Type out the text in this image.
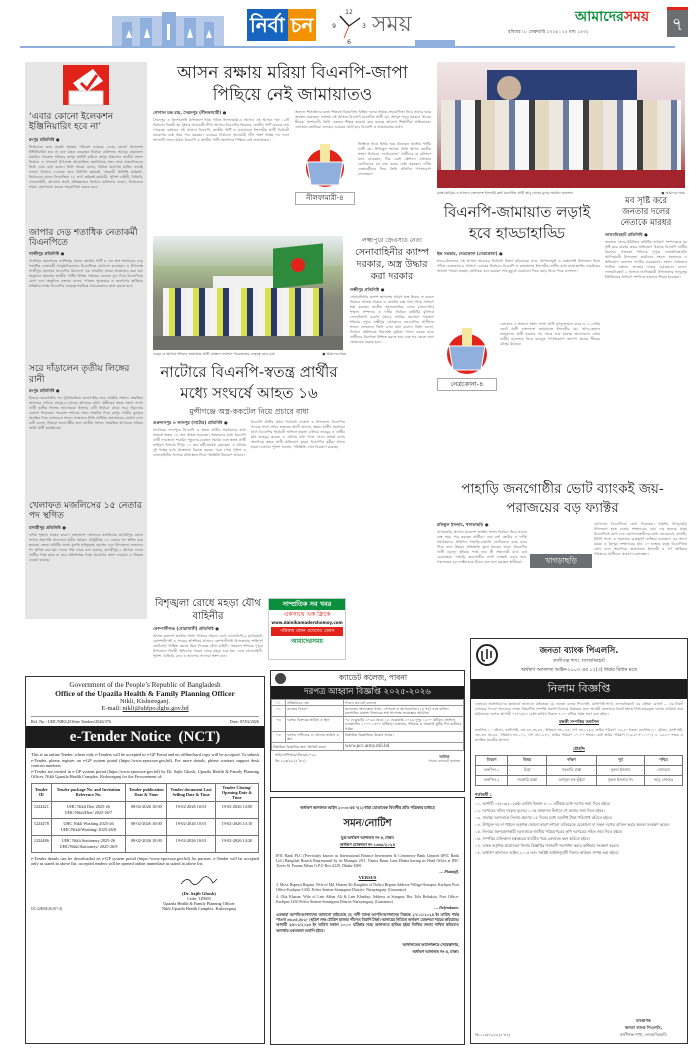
নির্বা চন
12
3
6
9 সময়	আমাদেরসময়
রবিবার ৷ ৮ ফেব্রুয়ারি ২০২৬ ৷ ২৫ মাঘ ১৪৩২	৭
‘এবার কোনো ইলেকশন ইঞ্জিনিয়ারিং হবে না’
রংপুর প্রতিনিধি ●
নির্বাচনের জন্য যতেষ্ট সহায়ক পরিবেশ রয়েছে। এবার কোনো ইলেকশন ইঞ্জিনিয়ারিং হবে না বলে মন্তব্য করেছেন নির্বাচন কমিশনার আবদুর রহমানেল মাছউদ। গতকাল শনিবার রংপুর সার্কিট হাউসে রংপুর বিভাগের জাতীয় সংসদ নির্বাচন ও গণভোট উপলক্ষে আয়োজিত মতবিনিময় সভা শেষে সাংবাদিকদের তিনি এসব কথা বলেন। তিনি আরো বলেন, বিভিন্ন জায়গায় যাচ্ছি। ভাবছি ভালো নির্বাচন দেওয়ার জন্য রিটার্নিং কর্মকর্তা, সহকারী রিটার্নিং কর্মকর্তা, নির্বাচনের কাজে নিয়োজিত ১৮ লাখ কর্মকর্তা-কর্মচারী, পুলিশ বাহিনী, বিজিবি, সেনাবাহিনী, আনসার সবাই প্রতিজ্ঞাবদ্ধ। নির্বাচন কমিশনার বলেন, নির্বাচনকে সহজ, গ্রহণযোগ্য করতে সহযোগিতা করতে হবে।
জাপার দেড় শতাধিক নেতাকর্মী বিএনপিতে
গাজীপুর প্রতিনিধি ●
গাজীপুর মহানগরের কাশিমপুর থানার জাতীয় পার্টি ও এর অঙ্গ সংগঠনের দেড় শতাধিক নেতাকর্মী আনুষ্ঠানিকভাবে বিএনপিতে যোগদান করেছেন। এ উপলক্ষে গাজীপুর মহানগর বিএনপির উদ্যোগে এক সংবর্ধনা সভার আয়োজন করা হয়। অনুষ্ঠানে মহানগর জাতীয় পার্টির বিভিন্ন পর্যায়ের নেতারা ফুল দিয়ে বিএনপিতে যোগ দেন। অনুষ্ঠানে বক্তারা বলেন, গণতন্ত্র পুনরুদ্ধার ও জনগণের অধিকার প্রতিষ্ঠার লক্ষ্যে বিএনপির নেতৃত্বে সবাইকে ঐক্যবদ্ধভাবে কাজ করতে হবে।
সরে দাঁড়ালেন তৃতীয় লিঙ্গের রানী
রংপুর প্রতিনিধি ●
হিজড়া জনগোষ্ঠীর সব সুবিধাবঞ্চিত জনগোষ্ঠীর জন্য জাতীয় সংসদে সংরক্ষিত আসনের দাবিতে রংপুর-৩ (সদর) আসনের হরিণ প্রতীকের স্বতন্ত্র সংসদ সদস্য প্রার্থী তৃতীয় লিঙ্গের আনোয়ারা ইসলাম রানী নির্বাচন থেকে সরে দাঁড়ানোর ঘোষণা দিয়েছেন। গতকাল শনিবার সন্ধ্যা সাতটার দিকে রংপুর নগরীর নুরপুরে অবস্থিত নিজ বাসভবনে সংবাদ সম্মেলনে তিনি প্রার্থিতা প্রত্যাহারের ঘোষণা দেন। রানী বলেন, হিজড়া জনগোষ্ঠীর জন্য জাতীয় সংসদে সংরক্ষিত আসনের দাবিতে আমি প্রার্থী হয়েছিলাম।
খেলাফত মজলিসের ১৫ নেতার পদ স্থগিত
মাদারীপুর প্রতিনিধি ●
দলীয় শৃঙ্খলা ভঙ্গের কারণে বাংলাদেশ খেলাফত মজলিসের মাদারীপুর জেলা শাখার সভাপতি মাওলানা হাবীব আহমদ চৌধুরীসহ ১৫ নেতার পদ স্থগিত করা হয়েছে। জেলা কমিটির সদস্য মুফতি সাইফুল্লাহ হোসেন এবং উপজেলা নেতাদের পদ স্থগিত করা হয়। দলের পক্ষ থেকে বলা হয়েছে, মাদারীপুর-১ আসনে দলের প্রার্থীর পক্ষে কাজ না করে প্রতিপক্ষের পক্ষে প্রচারণায় অংশ নেওয়ায় এ সিদ্ধান্ত নেওয়া হয়েছে।
আসন রক্ষায় মরিয়া বিএনপি-জাপা পিছিয়ে নেই জামায়াতও
গোপাল চন্দ্র রায়, সৈয়দপুর (নীলফামারী) ●
সৈয়দপুর ও কিশোরগঞ্জ উপজেলা নিয়ে গঠিত নীলফামারী-৪ আসন। এই আসনে গত ১২টি নির্বাচনে বিজয়ী হয় দুইবার আওয়ামী লীগ। আসনে বিএনপির তিনবার, জাতীয় পার্টি চারবার জয় পেয়েছে। বর্তমানে এই আসনে বিএনপি, জাতীয় পার্টি ও জামায়াতে ইসলামীর প্রার্থী নির্বাচনী প্রচারণায় ব্যস্ত সময় পার করছেন। এবারের নির্বাচনে আওয়ামী লীগ অংশ নিচ্ছে না। ফলে আসনটি দখলে মরিয়া বিএনপি ও জাতীয় পার্টি। অন্যদিকে পিছিয়ে নেই জামায়াতও।
অন্যান্য শীতার্তদের মতো শীতবস্ত্র বিতরণসহ বিভিন্ন দলের সাহায্য-সহযোগিতা নিয়ে তাদের দ্বারে অবস্থান রয়েছেন। সর্বশেষ এই আসনে বিএনপি মনোনীত প্রার্থী মো. আব্দুল গফুর সরকার ‘ধানের শীষের’ আশাবাদী। তিনি একজন শিক্ষক হওয়ায় তার রয়েছে আলাদা শিক্ষার্থীরা অভিভাবক। এলাকার ভোটাররা বলছেন এবারের ভোট হবে বিএনপি ও জামায়াতের মধ্যে।
নীলফামারী-৪
ভিত্তিতে নিয়ে দ্বিধায় হয়ে উঠেছেন জাতীয় পার্টির প্রার্থী মো. সিদ্দিকুল আলম। তিনি আসন জাতীয় সংসদ নির্বাচনে ‘ফেরিওয়ালা’ প্রার্থীদের যে কৌশলে মাঠে নেমেছেন, ঠিক একই কৌশলে এলাকার ভোটারদের মন জয় করার চেষ্টা করছেন। দলীয় নেতাকর্মীদের নিয়ে তিনি প্রতিদিন গণসংযোগ চালাচ্ছেন।
বগুড়া-৩ আসনে শনিবার জামায়াত প্রার্থী মোস্তফা ফয়সাল পারভেজের নেতৃত্বে রোড মার্চ	● আমাদের সময়
লক্ষ্মীপুরে জেএসডি নেতা
সেনাবাহিনীর ক্যাম্প দরকার, অস্ত্র উদ্ধার করা দরকার
লক্ষ্মীপুর প্রতিনিধি ●
সেনাবাহিনীর ক্যাম্প স্থাপনসহ অবৈধ অস্ত্র উদ্ধার না করলে নির্বাচন আতঙ্ক থাকবে ও ভোটের বাক্স দখল নিয়ে সাধারণ শঙ্কা করছেন জাতীয় সমাজতান্ত্রিক দলের (জেএসডি) শৃঙ্খলা সম্পাদক ও দলীয় নির্বাচন কমিটির মুখপাত্র লেফটেন্যান্ট কর্নেল (অব.) জাকির হোসেন। গতকাল শনিবার দুপুরে লক্ষ্মীপুর প্রেসক্লাবে জেএসডির প্রার্থীদের সংবাদ সম্মেলনে তিনি এসব কথা বলেন। তিনি বলেন, নির্বাচন কমিশনকে নিরপেক্ষ ভূমিকা পালন করতে হবে। প্রার্থীদের নিরাপত্তা নিশ্চিত করতে হবে এবং সব কেন্দ্রে সেনা মোতায়েন করতে হবে।
নাটোরে বিএনপি-স্বতন্ত্র প্রার্থীর মধ্যে সংঘর্ষে আহত ১৬
মুন্সীগঞ্জে অস্ত্র-ককটেল নিয়ে প্রচারে বাধা
গুরুদাসপুর ও লালপুর (নাটোর) প্রতিনিধি ●
নাটোরের লালপুরে বিএনপি ও স্বতন্ত্র প্রার্থীর সমর্থকদের মধ্যে সংঘর্ষে অন্তত ১৬ জন আহত হয়েছেন। আহতদের মধ্যে বিএনপি প্রার্থী ফারজানা শারমিন পুতুলের চারজন সমর্থক এবং স্বতন্ত্র প্রার্থী তাইফুল ইসলাম টিপুর ১২ জন কর্মী-সমর্থক রয়েছেন। এ ঘটনায় দুই পক্ষের মধ্যে উত্তেজনা বিরাজ করছে। খবর পেয়ে পুলিশ ও সেনাবাহিনীর সদস্যরা ঘটনাস্থলে গিয়ে পরিস্থিতি নিয়ন্ত্রণে আনেন।
বিএনপি প্রার্থীর প্রধান নির্বাচনী এজেন্ট ও উপজেলা বিএনপির সাবেক সদস্য সচিব হাজরত আলী জানান, স্বতন্ত্র প্রার্থীর সমর্থকরা হঠাৎ বিএনপির নির্বাচনী অফিসে হামলা চালিয়ে ভাঙচুর ও প্রার্থীর ছবি ভাঙচুর করেন। এ ঘটনায় বাধা দিতে গেলে সংঘর্ষ বাধে। অন্যদিকে স্বতন্ত্র প্রার্থী অভিযোগ করেন বিএনপির কর্মীরা প্রথমে হামলা চালায়। পুলিশ জানায়, পরিস্থিতি এখন নিয়ন্ত্রণে রয়েছে।
বিশৃঙ্খলা রোধে মহড়া যৌথ বাহিনীর
কোম্পানীগঞ্জ (নোয়াখালী) প্রতিনিধি ●
আসন্ন ত্রয়োদশ জাতীয় সংসদ নির্বাচন সামনে রেখে নোয়াখালী-৫ (কবিরহাট-কোম্পানীগঞ্জ ও সদরের আংশিক) আসনে কোম্পানীগঞ্জ উপজেলায় শান্তিপূর্ণ ভোটগ্রহণ নিশ্চিত করতে টহল দিয়েছে যৌথ বাহিনী। গতকাল শনিবার দুপুরে উপজেলা নির্বাহী অফিসের সামনে থেকে মহড়া শুরু হয়। এতে সেনাবাহিনী, পুলিশ, বিজিবি, র‍্যাব ও আনসার সদস্যরা অংশ নেন।
সাম্প্রতিক সব খবর
একসাথে এক ক্লিকে
www.dainikamadershomoy.com
পত্রিকায় যেমন ওয়েবেও তেমন
আমাদেরসময়
ব্রাহ্মণবাড়িয়া-৩ আসনে বাংলাদেশ ইসলামী ফ্রন্ট মনোনীত প্রার্থী আবু নাসের মুসার সমর্থনে জনসভা	● আমাদের সময়
বিএনপি-জামায়াত লড়াই হবে হাড্ডাহাড্ডি
ইন্দ্র সরকার, নেত্রকোনা (নেত্রকোনা) ●
হাওর-উজানের এই আসনে আবারও নির্বাচনী উত্তাপ ছড়িয়েছে। মদন, খালিয়াজুরী ও মোহনগঞ্জ উপজেলা নিয়ে গঠিত নেত্রকোনা-৪ আসনে এবারের নির্বাচনে বিএনপি ও জামায়াতে ইসলামীর প্রার্থীর মধ্যে হাড্ডাহাড্ডি লড়াইয়ের আভাস পাওয়া যাচ্ছে। ভোটাররা মনে করছেন শেষ মুহূর্তে যেকোনো দিকে মোড় নিতে পারে ফলাফল।
নেত্রকোনা-৪
এলাকাও এ আসনে সংসদ সদস্য প্রার্থী লুৎফুজ্জামান বাবর ও ১১-দলীয় জোট প্রার্থী বাংলাদেশ জামায়াতে ইসলামীর মো. আল-হেলাল তালুকদার প্রার্থী হওয়ার পর থেকে শুরু হয়েছে আলোচনা। নাগর প্রার্থীর মনোভাব নিয়ে বাবলুক গণসংযোগে জনগণ প্রচারে শীতের মৌসুম উঠেছে।
মব সৃষ্টি করে
জনতার দলের
নেতাকে মারধর
লালমনিরহাট প্রতিনিধি ●
জনতার দলের ইউনিয়ন কমিটির সাধারণ সম্পাদককে মব সৃষ্টি করে মারধর করার অভিযোগ উঠেছে বিএনপি প্রার্থীর বিরুদ্ধে। গতকাল শনিবার দুপুরে লালমনিরহাটের আদিতমারী উপজেলা কার্যালয়ে সংবাদ সম্মেলনে এ অভিযোগ তোলেন দলটির চেয়ারম্যান। সংবাদ সম্মেলনে লিখিত বক্তব্যে জনতার দলের চেয়ারম্যান বলেন, লালমনিরহাট ২ আসনে আদিতমারী উপজেলার ভাদুরপুর ইউনিয়নের সাধারণ সম্পাদক হামলার শিকার হয়েছেন।
পাহাড়ি জনগোষ্ঠীর ভোট ব্যাংকই জয়-পরাজয়ের বড় ফ্যাক্টর
রফিকুল ইসলাম, খাগড়াছড়ি ●
খাগড়াছড়ি আসনে ত্রয়োদশ জাতীয় সংসদ নির্বাচন ঘিরে প্রচারে ব্যস্ত সময় পার করছেন প্রার্থীরা। বসে নেই ভোটার ও দলীয় সমর্থকরাও। প্রতিদিন পাহাড়ি-বাঙালি ভোটারদের দ্বারে দ্বারে গিয়ে নানা উন্নয়ন প্রতিশ্রুতি তুলে ধরছেন তারা। বিএনপির প্রার্থী ওয়াদুদ ভূঁইয়ার পক্ষে তার স্ত্রী সভানেত্রী মাঠে চষে বেড়াচ্ছেন। পাহাড়ি জনগোষ্ঠীর ভোট ব্যাংকই এবার জয়-পরাজয়ের বড় ফ্যাক্টর হয়ে উঠবে বলে মনে করছেন স্থানীয়রা।
যোগদানে বিএনপিতে যোগ দিয়েছেন। সর্বশেষ খাগড়াছড়ি উপজেলা হতে চাকমা সম্প্রদায়ের প্রায় এক হাজার মানুষ বিএনপিতে যোগ দেন। যোগদানকারীদের মধ্যে জেএমএস, কার্বারি, ইউপি সদস্য ও সমাজের গুরুত্বপূর্ণ ব্যক্তিরা রয়েছেন। এর আগে মারমা ও ত্রিপুরা সম্প্রদায়ের প্রায় ১০ হাজার মানুষ বিএনপিতে যোগ দেন। অন্যদিকে জামায়াতে ইসলামী ও গণ অধিকার পরিষদের প্রার্থীরাও প্রচারণা চালাচ্ছেন।
খাগড়াছড়ি
ক্যাডেট কলেজ, পাবনা
দরপত্র আহ্বান বিজ্ঞপ্তি ২০২৫-২০২৬
০১	প্রতিষ্ঠানের নাম	পাবনা ক্যাডেট কলেজ
০২	কাজের বিবরণ	কলেজের অব্যবহৃত খাতা, পেপারস ও আসবাবপত্র (১ম পর্ব) এবং বাতিল যন্ত্রপাতির প্রকাশ্য নিলামের শর্ত সাপেক্ষে ক্রয়প্রস্তাব আহ্বান।
০৩	দরপত্র বিক্রয়ের তারিখ ও স্থান	০৮ ফেব্রুয়ারি ২০২৬ থেকে ১৫ ফেব্রুয়ারি ২০২৬ দুপুর ১২০০ ঘটিকা। (অফিস চলাকালীন ১১০০-১৩০০ ঘটিকা)। শুক্রবার, শনিবার ও সরকারি ছুটির দিন ব্যতীত) পর্যন্ত।
০৪	দরপত্র দাখিলের ও খোলার তারিখ ও স্থান	বিস্তারিত বিজ্ঞপ্তিতে উল্লেখ আছে।
বিস্তারিত বিজ্ঞপ্তির জন্য ভিজিট করুন		www.pcc.army.mil.bd
আইএসপিআর/টেন্ডার/২০২৬
জি-২২৩/২৬ (৫″×২)
অধ্যক্ষ
পাবনা ক্যাডেট কলেজ
অর্থঋণ আদালত আইন ২০০৩ এর ৭(১) ধারা মোতাবেক বিবাদীর প্রতি পত্রিকার মাধ্যমে
সমন/নোটিশ
যুগ্ম অর্থঋণ আদালত নং-৪, ঢাকা।
অর্থঋণ মোকদ্দমা নং-১৩৬৯/২০২৪
IFIC Bank PLC (Previously known as International Finance Investment & Commerce Bank Limited (IFIC Bank Ltd.) Bangshal Branch Represented by its Manager 29/1, Nazira Bazar Lane Dhaka having its Head Office at IFIC Tower 61 Purana Paltan G.P.O Box-2229, Dhaka-1000.
— Plaintiff.
VERSUS
3. Most. Rupeya Begum, Wife of Md. Hasem Ali Daughter of Daliya Begum Address-Village-Sonapur, Kachpur Post Office-Kachpur-1430, Police Station-Sonargaon District- Narayanganj. (Guarantor)
4. Olia Khatun, Wife of Late Akbar Ali & Late Khadiza, Address at Sonapur, Bot Tola Behakoir, Post Office-Kachpur-1430 Police Station-Sonargaon District-Narayanganj. (Guarantor)
— Defendants.
এতদ্বারা আপনি/আপনাদের জানানো যাইতেছে যে, বাদী ব্যাংক আপনি/আপনাদের বিরুদ্ধে ২৭/১১/২০২৪ ইং তারিখ পর্যন্ত পাওনা ৩৬,৩৪,৫৮২/- (ছত্রিশ লক্ষ চৌত্রিশ হাজার পাঁচশত বিরাশি টাকা) আদায়ের নিমিত্তে অর্থঋণ মোকদ্দমা দায়ের করিয়াছে। আগামী ২৬/০২/২০২৬ ইং তারিখ সকাল ১০.০০ ঘটিকার সময় আদালতে হাজির হইয়া লিখিত জবাব দাখিল করিবেন। অন্যথায় একতরফা শুনানি হইবে।
আদালতের আদেশক্রমে-সেরেস্তাদার,
অর্থঋণ আদালত নং-৪, ঢাকা।
Government of the People’s Republic of Bangladesh
Office of the Upazila Health & Family Planning Officer
Nikli, Kishoreganj.
E-mail: nikli@uhfpo.dghs.gov.bd
Ref. No.- UHC/NIKLI/Other Tenders/2026/376	Date: 07/02/2026
e-Tender Notice  (NCT)
This is an online Tender, where only e-Tenders will be accepted in e-GP Portal and no offline/hard copy will be accepted. To submit e-Tender, please register on e-GP system portal (https://www.eprocure.gov.bd). For more details, please contract support desk contract numbers.
e-Tender are invited in e-GP system portal (https://www.eprocure.gov.bd) by Dr. Sajib Ghosh, Upazila Health & Family Planning Officer, Nikli Upazila Health Complex, Kishoreganj for the Procurement of:
Tender ID	Tender package No. and Invitation Reference No.	Tender publication Date & Time	Tender document Last Selling Date & Time	Tender Closing/ Opening Date & Time
1224421	UHC Nikli Diet 2025-26 UHC/Nikli/Diet/ 2025-26/7	08-02-2026 10:00	19-02-2026 10:01	19-02-2026 14:00
1224478	UHC Nikli Washing 2025-26 UHC/Nikli/Washing/ 2025-26/8	08-02-2026 10:00	19-02-2026 10:01	19-02-2026 14:10
1224486	UHC Nikli Stationery 2025-26 UHC/Nikli/Stationery/ 2025-26/9	08-02-2026 10:00	19-02-2026 10:01	19-02-2026 14:20
e-Tender details can be downloaded on e-GP system portal (https://www.eprocure.gov.bd) for pursuer, e-Tender will be accepted only as stated in above list; accepted tenders will be opened online immediate as stated in above list.
GC-228/02/26 (6″×3)
(Dr. Sajib Ghosh)
Code: 129603
Upazila Health & Family Planning Officer
Nikli Upazila Health Complex, Kishoreganj
জনতা ব্যাংক পিএলসি.
কালীগঞ্জ শাখা, লালমনিরহাট
অর্থঋণ আদালত আইন-২০০৩ এর ১২(৩) ধারার বিধান মতে
নিলাম বিজ্ঞপ্তি
এতদ্বারা সর্বসাধারণের জ্ঞাতার্থে জানানো যাইতেছে যে, জনতা ব্যাংক পিএলসি, কালীগঞ্জ শাখা, লালমনিরহাট এর গ্রহীতা মেসার্স ... এর নিকট ব্যাংকের পাওনা আদায়ের লক্ষ্যে নিম্নবর্ণিত সম্পত্তি প্রকাশ্য নিলামে বিক্রয়ের জন্য আগ্রহী ক্রেতাদের নিকট হইতে সিলমোহরকৃত দরপত্র আহ্বান করা যাইতেছে। দরপত্র আগামী ০৫/০৩/২০২৬ইং তারিখ বিকাল ৪.০০ ঘটিকা পর্যন্ত গ্রহণ করা হইবে।
বন্ধকী সম্পত্তির তফসিল
তফসিল-১ : মৌজা- কালীগঞ্জ, জে.এল নং-৪৪, খতিয়ান নং-১৬৯, দাগ নং-১২৪৫, জমির পরিমাণ ১৬.৫০ শতক। তফসিল-২ : মৌজা- কালীগঞ্জ, জে.এল নং-৪৪, খতিয়ান নং-১৭২, দাগ নং-১২৪৭, জমির পরিমাণ ১০.০০ শতক। মোট জমির পরিমাণ (১৬.৫০+১০.০০) = ২৬.৫০ শতক ও তদস্থিত যাবতীয় স্থাপনা।
চৌহদ্দি
বিবরণ	উত্তর	দক্ষিণ	পূর্ব	পশ্চিম
তফসিল-১	চিড়া	সরকারি রাস্তা	নুরুল ইসলাম	জোহেরা
তফসিল-২	সরকারি রাস্তা	এনামুল হক ভূঁইয়া	নুরুল ইসলাম গং	আবু জোহের
শর্তাবলী :
০১. আগামী ০৫/০৩/২০২৬ইং তারিখ বিকাল ৪.০০ ঘটিকার মধ্যে দরপত্র জমা দিতে হইবে।
০২. দরপত্রের সহিত দরকৃত মূল্যের ১০% জামানত হিসাবে পে-অর্ডার জমা দিতে হইবে।
০৩. সর্বোচ্চ দরদাতাকে নিলাম গ্রহণের ১৫ দিনের মধ্যে অবশিষ্ট টাকা পরিশোধ করিতে হইবে।
০৪. উপযুক্ত দর না পাইলে কর্তৃপক্ষ কোনো কারণ দর্শানো ব্যতিরেকে যেকোনো বা সকল দরপত্র বাতিল করার ক্ষমতা সংরক্ষণ করেন।
০৫. নিলামে অংশগ্রহণকারী দরদাতাকে জাতীয় পরিচয়পত্রের কপি দরপত্রের সহিত জমা দিতে হইবে।
০৬. সম্পত্তির মালিকানা হস্তান্তরের যাবতীয় খরচ ক্রেতাকে বহন করিতে হইবে।
০৭. ব্যাংক কর্তৃপক্ষ প্রয়োজনে নিলাম বিজ্ঞপ্তির শর্তাবলী সংশোধন করার অধিকার সংরক্ষণ করেন।
০৮. অর্থঋণ আদালত আইন-২০০৩ এবং সংশ্লিষ্ট আইনানুযায়ী নিলাম কার্যক্রম সম্পন্ন করা হইবে।
জি-২২৩/০২/২৬ (৫″×৪)
ব্যবস্থাপক
জনতা ব্যাংক পিএলসি,
কালীগঞ্জ শাখা, লালমনিরহাট।
